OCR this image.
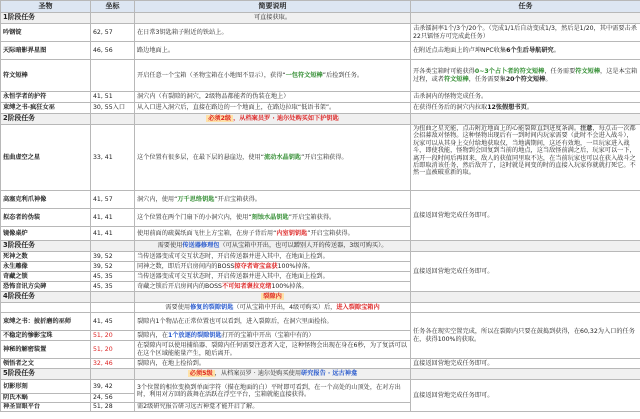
圣物	坐标	简要说明	任务
1阶段任务		可直接获取。	
吟钢锭	62, 57	在日常3钥匙箱子附近的铁站上。	击杀镭洞率1个/3个/20个。（完成1/1后自动变成1/3，然后是1/20，其中需要击杀22只镭怪方可完成此任务）
天际暗影界星图	46, 56	路边地面上。	在附近点击地面上的卢坤NPC收集6个生后导航研究。
符文短棒		开启任意一个宝箱（圣物宝箱在小地图不显示），获得“一包符文短棒”后捡到任务。	开各类宝箱时可能获得0~3个占卜者的符文短棒，任务需要符文短棒，这是本宝箱过程，或者符文短棒，任务需要集20个符文短棒。
永恒学者的护符	41, 51	洞穴内（有裂隙的洞穴，2级物品都能者的伪装在地上）	击杀洞内的怪物完成任务。
束缚之书·疯狂女巫	30, 55入口	从入口进入洞穴后，直接在路边的一个地面上，在路边拉取“低语书架”。	在获得任务后的洞穴内拉取12张假想书页。
2阶段任务		必须2级 ，从档案员罗 · 迪尔处购买如下护钥匙	
扭曲虚空之星	33, 41	这个位置有很多层，在最下层的悬崖边，使用“流动水晶钥匙”开启宝箱获得。	为扭曲之星充能，点击附近地面上的心能裂隙直到进度条满。注意，每点击一次都会招募敌对怪物。这种怪物出现后有一到时间内玩家需要（此时不会进入战斗），玩家可以从其身上交付给地获取仅，当地满期间，这还有效地，一旦玩家进入战斗，即使我能，怪物到会回复到当前的地点，这当敌怪前满之后，玩家可以一下，离开一段时间后再回来，敌人的获值同里取不达，在当前玩家也可以在获入战斗之后即取消该任务，然后敌开了，这时就是间变的时的直接入玩家你就就打死它。不然一直被破重新的取。
高塞克利爪神像	41, 57	洞穴内，使用“万千思络钥匙”开启宝箱获得。	直接返回营地完成任务即可。
拟态者的伪装	41, 41	这个位置在两个门扇下的小洞穴内，使用“刻蚀水晶钥匙”开启宝箱获得。	
镜像桌炉	41, 41	使用前面的疏翼纸面飞往上方宝箱，在房子背后用“内室钥钥匙”开启宝箱获得。	
3阶段任务		需要使用传送器修理包（可从宝箱中开出，也可以蹭别人开的传送器，3级可购买）。	
死神之数	39, 52	当传送器变成可交互状态时，开启传送器并进入其中，在地面上捡到。	直接返回营地完成任务即可。
永生雕像	39, 52	同神之数，即后开启房间内的BOSS掠夺者寄宝盒获100%掉落。	
奇藏之锁	45, 35	当传送器变成可交互状态时，开启传送器并进入其中，在地面上捡到。	
恐怖音讯方尖碑	45, 35	奇藏之锁后开启房间内的BOSS不可知者褒拉克绪100%掉落。	
4阶段任务		裂隙内	
		需要使用修复的裂隙钥匙（可从宝箱中开出，4级可购买）后，进入裂隙宝箱内	
束缚之书：披折磨的巫师	41, 45	裂隙内1个物品在正常位置也可以看到，进入裂隙后，在洞穴里面捡拾。	任务各在现实空置完成，所以在裂隙内只要在鼓捣到获得，在60,32为入口的任务在，获得100%的获取。
不稳定的惨影宝珠	51, 20	裂隙内，在1个放逐的裂隙钥匙打开的宝箱中开出（宝箱中有的）	
神秘的解密装置	51, 20	在裂隙内可以使用捕焰器、裂隙内任何需要注意者入定，这种怪物会出现在身在6秒，为了复活可以在这个区域能能量产生，随后离开。	
领悟者之文	32, 46	裂隙内，在地上捡拾到。	直接返回营地完成任务即可。
5阶段任务		必须5级 ，从档案员罗 · 迪尔处购买使用研究报告 · 远古神龛	
切影形刻	39, 42	3个位置的相位变换到单面字符（描在地面的白）平时即可看到，在一个高处的山顶处，在对方出时，利用对方回的鼓舞在活跃在浮空平台，宝箱就能直接获得。	直接返回营地完成任务即可。
阴氏木蜗	24, 56		
神圣盲眼平台	51, 28	需2级研究报告研习远古神龛才能开启了解。	
